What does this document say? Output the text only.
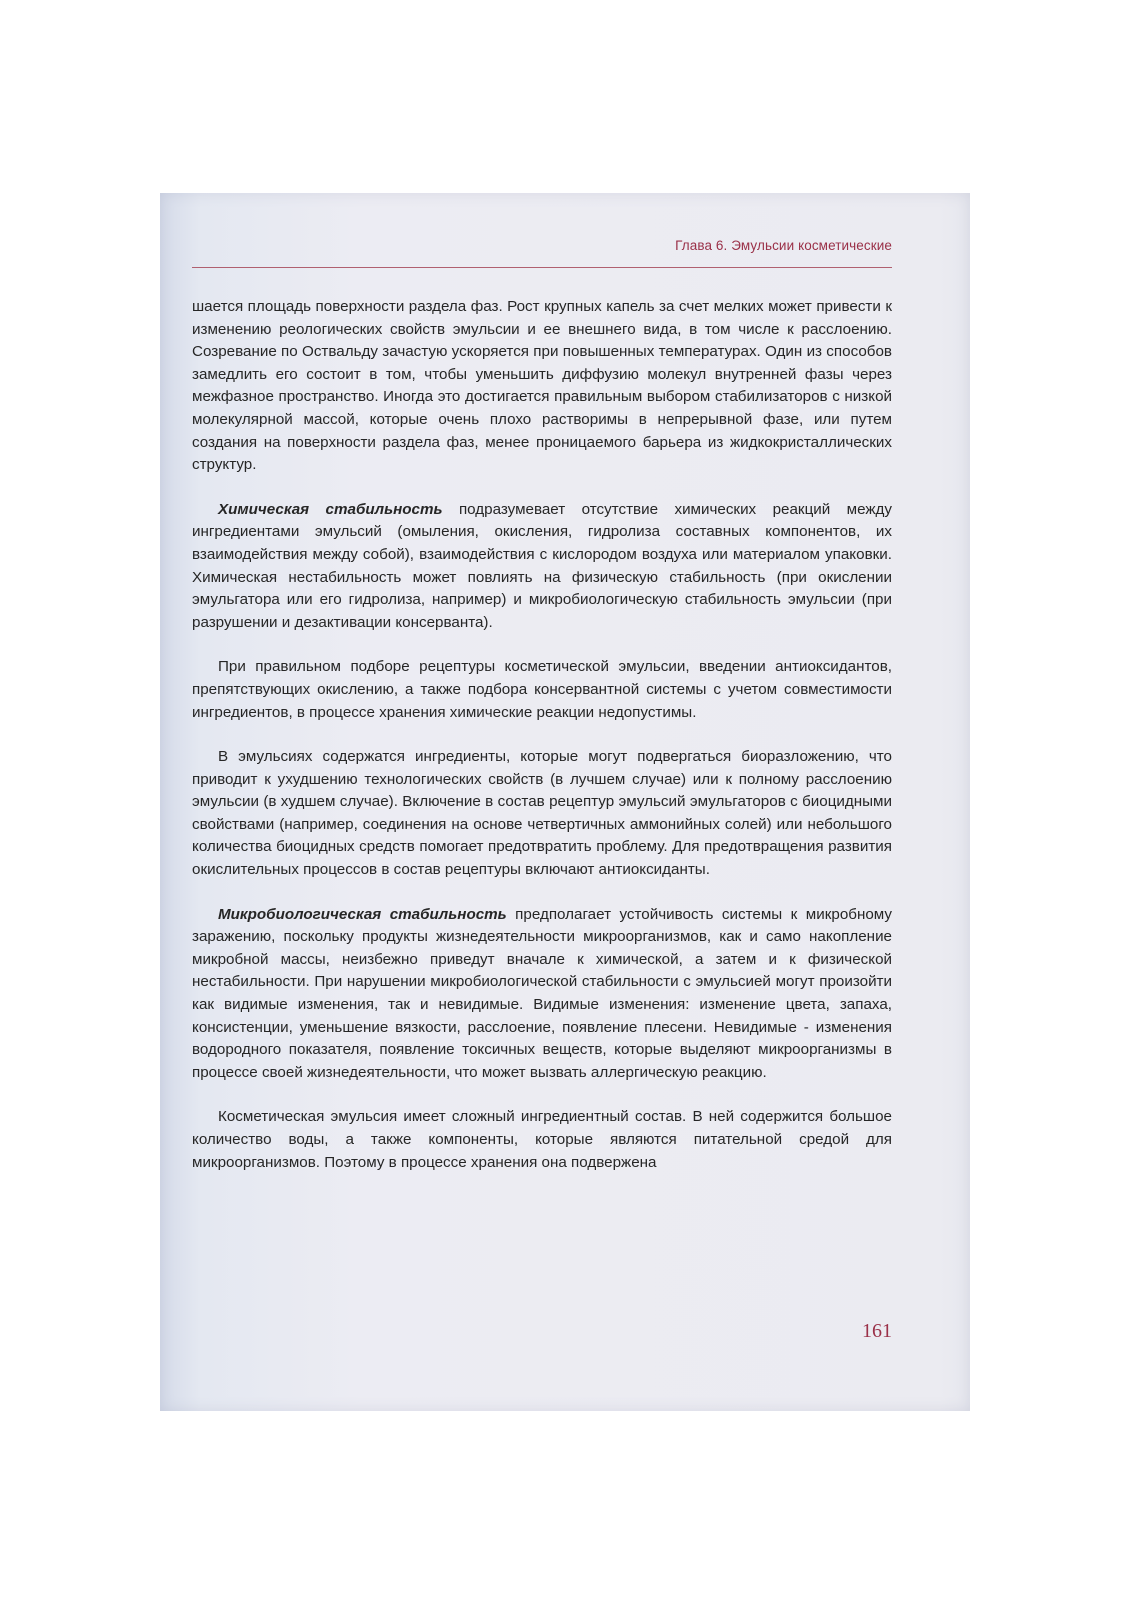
Глава 6. Эмульсии косметические

шается площадь поверхности раздела фаз. Рост крупных капель за счет мелких может привести к изменению реологических свойств эмульсии и ее внешнего вида, в том числе к расслоению. Созревание по Оствальду зачастую ускоряется при повышенных температурах. Один из способов замедлить его состоит в том, чтобы уменьшить диффузию молекул внутренней фазы через межфазное пространство. Иногда это достигается правильным выбором стабилизаторов с низкой молекулярной массой, которые очень плохо растворимы в непрерывной фазе, или путем создания на поверхности раздела фаз, менее проницаемого барьера из жидкокристаллических структур.

Химическая стабильность подразумевает отсутствие химических реакций между ингредиентами эмульсий (омыления, окисления, гидролиза составных компонентов, их взаимодействия между собой), взаимодействия с кислородом воздуха или материалом упаковки. Химическая нестабильность может повлиять на физическую стабильность (при окислении эмульгатора или его гидролиза, например) и микробиологическую стабильность эмульсии (при разрушении и дезактивации консерванта).

При правильном подборе рецептуры косметической эмульсии, введении антиоксидантов, препятствующих окислению, а также подбора консервантной системы с учетом совместимости ингредиентов, в процессе хранения химические реакции недопустимы.

В эмульсиях содержатся ингредиенты, которые могут подвергаться биоразложению, что приводит к ухудшению технологических свойств (в лучшем случае) или к полному расслоению эмульсии (в худшем случае). Включение в состав рецептур эмульсий эмульгаторов с биоцидными свойствами (например, соединения на основе четвертичных аммонийных солей) или небольшого количества биоцидных средств помогает предотвратить проблему. Для предотвращения развития окислительных процессов в состав рецептуры включают антиоксиданты.

Микробиологическая стабильность предполагает устойчивость системы к микробному заражению, поскольку продукты жизнедеятельности микроорганизмов, как и само накопление микробной массы, неизбежно приведут вначале к химической, а затем и к физической нестабильности. При нарушении микробиологической стабильности с эмульсией могут произойти как видимые изменения, так и невидимые. Видимые изменения: изменение цвета, запаха, консистенции, уменьшение вязкости, расслоение, появление плесени. Невидимые - изменения водородного показателя, появление токсичных веществ, которые выделяют микроорганизмы в процессе своей жизнедеятельности, что может вызвать аллергическую реакцию.

Косметическая эмульсия имеет сложный ингредиентный состав. В ней содержится большое количество воды, а также компоненты, которые являются питательной средой для микроорганизмов. Поэтому в процессе хранения она подвержена

161
